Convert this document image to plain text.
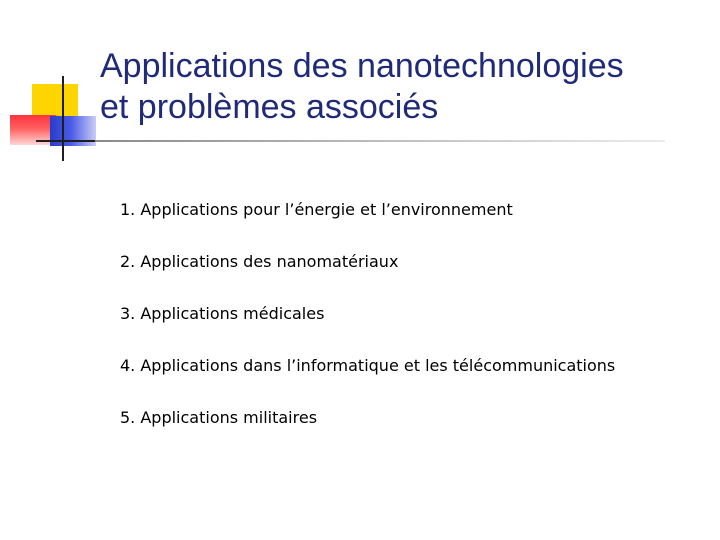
Applications des nanotechnologies
et problèmes associés
1. Applications pour l’énergie et l’environnement
2. Applications des nanomatériaux
3. Applications médicales
4. Applications dans l’informatique et les télécommunications
5. Applications militaires
